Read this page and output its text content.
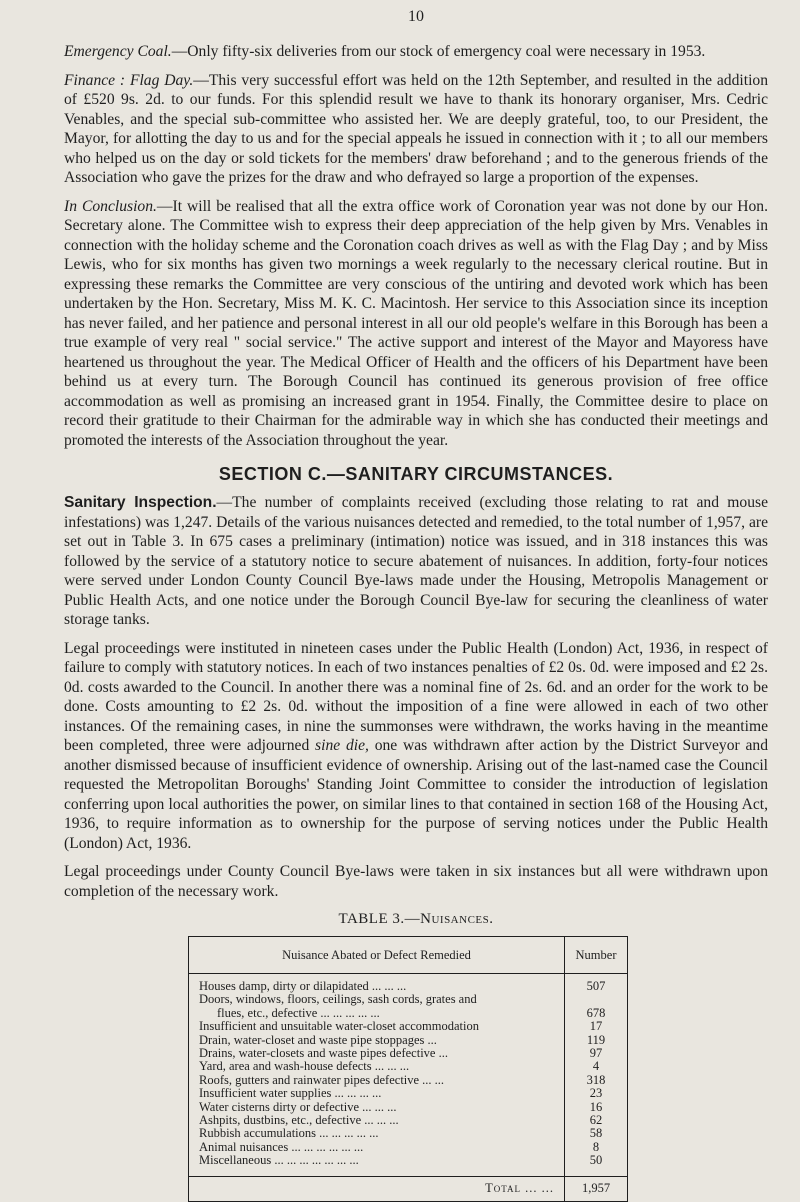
10

Emergency Coal.—Only fifty-six deliveries from our stock of emergency coal were necessary in 1953.

Finance : Flag Day.—This very successful effort was held on the 12th September, and resulted in the addition of £520 9s. 2d. to our funds. For this splendid result we have to thank its honorary organiser, Mrs. Cedric Venables, and the special sub-committee who assisted her. We are deeply grateful, too, to our President, the Mayor, for allotting the day to us and for the special appeals he issued in connection with it ; to all our members who helped us on the day or sold tickets for the members' draw beforehand ; and to the generous friends of the Association who gave the prizes for the draw and who defrayed so large a proportion of the expenses.

In Conclusion.—It will be realised that all the extra office work of Coronation year was not done by our Hon. Secretary alone. The Committee wish to express their deep appreciation of the help given by Mrs. Venables in connection with the holiday scheme and the Coronation coach drives as well as with the Flag Day ; and by Miss Lewis, who for six months has given two mornings a week regularly to the necessary clerical routine. But in expressing these remarks the Committee are very conscious of the untiring and devoted work which has been undertaken by the Hon. Secretary, Miss M. K. C. Macintosh. Her service to this Association since its inception has never failed, and her patience and personal interest in all our old people's welfare in this Borough has been a true example of very real " social service." The active support and interest of the Mayor and Mayoress have heartened us throughout the year. The Medical Officer of Health and the officers of his Department have been behind us at every turn. The Borough Council has continued its generous provision of free office accommodation as well as promising an increased grant in 1954. Finally, the Committee desire to place on record their gratitude to their Chairman for the admirable way in which she has conducted their meetings and promoted the interests of the Association throughout the year.

SECTION C.—SANITARY CIRCUMSTANCES.

Sanitary Inspection.—The number of complaints received (excluding those relating to rat and mouse infestations) was 1,247. Details of the various nuisances detected and remedied, to the total number of 1,957, are set out in Table 3. In 675 cases a preliminary (intimation) notice was issued, and in 318 instances this was followed by the service of a statutory notice to secure abatement of nuisances. In addition, forty-four notices were served under London County Council Bye-laws made under the Housing, Metropolis Management or Public Health Acts, and one notice under the Borough Council Bye-law for securing the cleanliness of water storage tanks.

Legal proceedings were instituted in nineteen cases under the Public Health (London) Act, 1936, in respect of failure to comply with statutory notices. In each of two instances penalties of £2 0s. 0d. were imposed and £2 2s. 0d. costs awarded to the Council. In another there was a nominal fine of 2s. 6d. and an order for the work to be done. Costs amounting to £2 2s. 0d. without the imposition of a fine were allowed in each of two other instances. Of the remaining cases, in nine the summonses were withdrawn, the works having in the meantime been completed, three were adjourned sine die, one was withdrawn after action by the District Surveyor and another dismissed because of insufficient evidence of ownership. Arising out of the last-named case the Council requested the Metropolitan Boroughs' Standing Joint Committee to consider the introduction of legislation conferring upon local authorities the power, on similar lines to that contained in section 168 of the Housing Act, 1936, to require information as to ownership for the purpose of serving notices under the Public Health (London) Act, 1936.

Legal proceedings under County Council Bye-laws were taken in six instances but all were withdrawn upon completion of the necessary work.

TABLE 3.—Nuisances.
Nuisance Abated or Defect Remedied	Number
Houses damp, dirty or dilapidated ... ... ...	507
Doors, windows, floors, ceilings, sash cords, grates and	
flues, etc., defective ... ... ... ... ...	678
Insufficient and unsuitable water-closet accommodation	17
Drain, water-closet and waste pipe stoppages ...	119
Drains, water-closets and waste pipes defective ...	97
Yard, area and wash-house defects ... ... ...	4
Roofs, gutters and rainwater pipes defective ... ...	318
Insufficient water supplies ... ... ... ...	23
Water cisterns dirty or defective ... ... ...	16
Ashpits, dustbins, etc., defective ... ... ...	62
Rubbish accumulations ... ... ... ... ...	58
Animal nuisances ... ... ... ... ... ...	8
Miscellaneous ... ... ... ... ... ... ...	50

Total ... ...	1,957
